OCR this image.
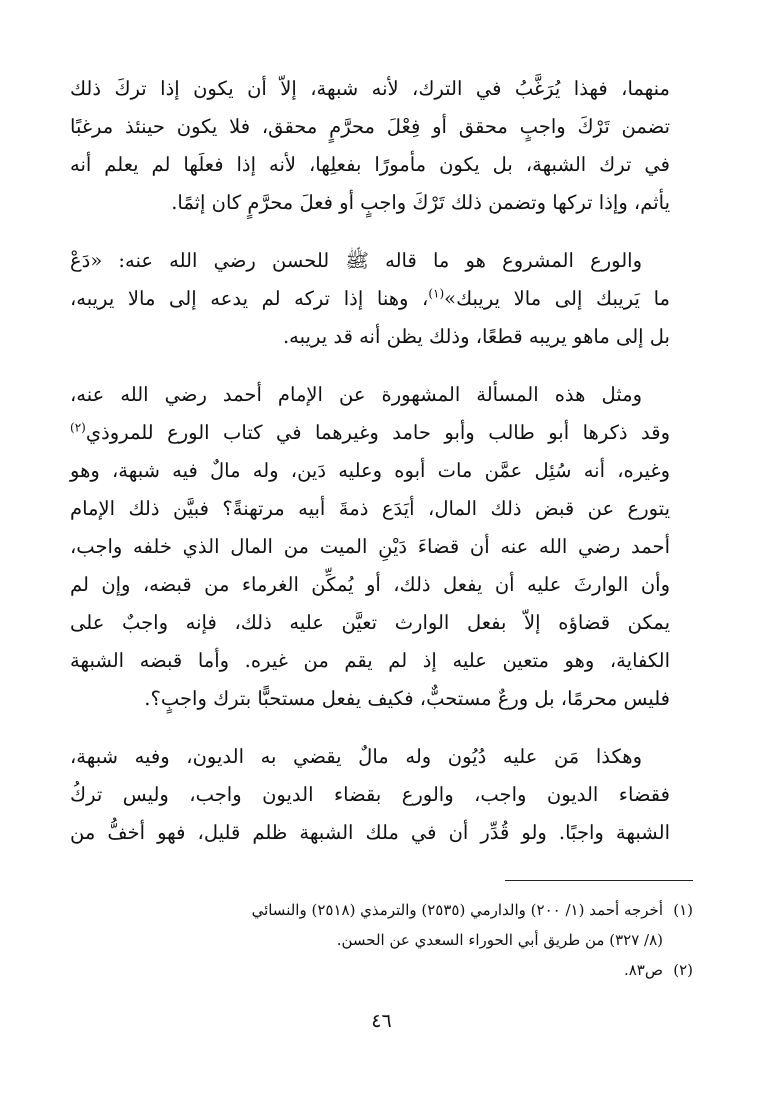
منهما، فهذا يُرَغَّبُ في الترك، لأنه شبهة، إلاّ أن يكون إذا تركَ ذلك
تضمن تَرْكَ واجبٍ محقق أو فِعْلَ محرَّمٍ محقق، فلا يكون حينئذ مرغبًا
في ترك الشبهة، بل يكون مأمورًا بفعلِها، لأنه إذا فعلَها لم يعلم أنه
يأثم، وإذا تركها وتضمن ذلك تَرْكَ واجبٍ أو فعلَ محرَّمٍ كان إثمًا.
والورع المشروع هو ما قاله ﷺ للحسن رضي الله عنه: «دَعْ
ما يَريبك إلى مالا يريبك»$^{(١)}$، وهنا إذا تركه لم يدعه إلى مالا يريبه،
بل إلى ماهو يريبه قطعًا، وذلك يظن أنه قد يريبه.
ومثل هذه المسألة المشهورة عن الإمام أحمد رضي الله عنه،
وقد ذكرها أبو طالب وأبو حامد وغيرهما في كتاب الورع للمروذي$^{(٢)}$
وغيره، أنه سُئِل عمَّن مات أبوه وعليه دَين، وله مالٌ فيه شبهة، وهو
يتورع عن قبض ذلك المال، أيَدَع ذمةَ أبيه مرتهنةً؟ فبيَّن ذلك الإمام
أحمد رضي الله عنه أن قضاءَ دَيْنِ الميت من المال الذي خلفه واجب،
وأن الوارثَ عليه أن يفعل ذلك، أو يُمكِّن الغرماء من قبضه، وإن لم
يمكن قضاؤه إلاّ بفعل الوارث تعيَّن عليه ذلك، فإنه واجبٌ على
الكفاية، وهو متعين عليه إذ لم يقم من غيره. وأما قبضه الشبهة
فليس محرمًا، بل ورعٌ مستحبٌّ، فكيف يفعل مستحبًّا بترك واجبٍ؟.
وهكذا مَن عليه دُيُون وله مالٌ يقضي به الديون، وفيه شبهة،
فقضاء الديون واجب، والورع بقضاء الديون واجب، وليس تركُ
الشبهة واجبًا. ولو قُدِّر أن في ملك الشبهة ظلم قليل، فهو أخفُّ من
(١)أخرجه أحمد (١/ ٢٠٠) والدارمي (٢٥٣٥) والترمذي (٢٥١٨) والنسائي
(٨/ ٣٢٧) من طريق أبي الحوراء السعدي عن الحسن.
(٢)ص٨٣.
٤٦
